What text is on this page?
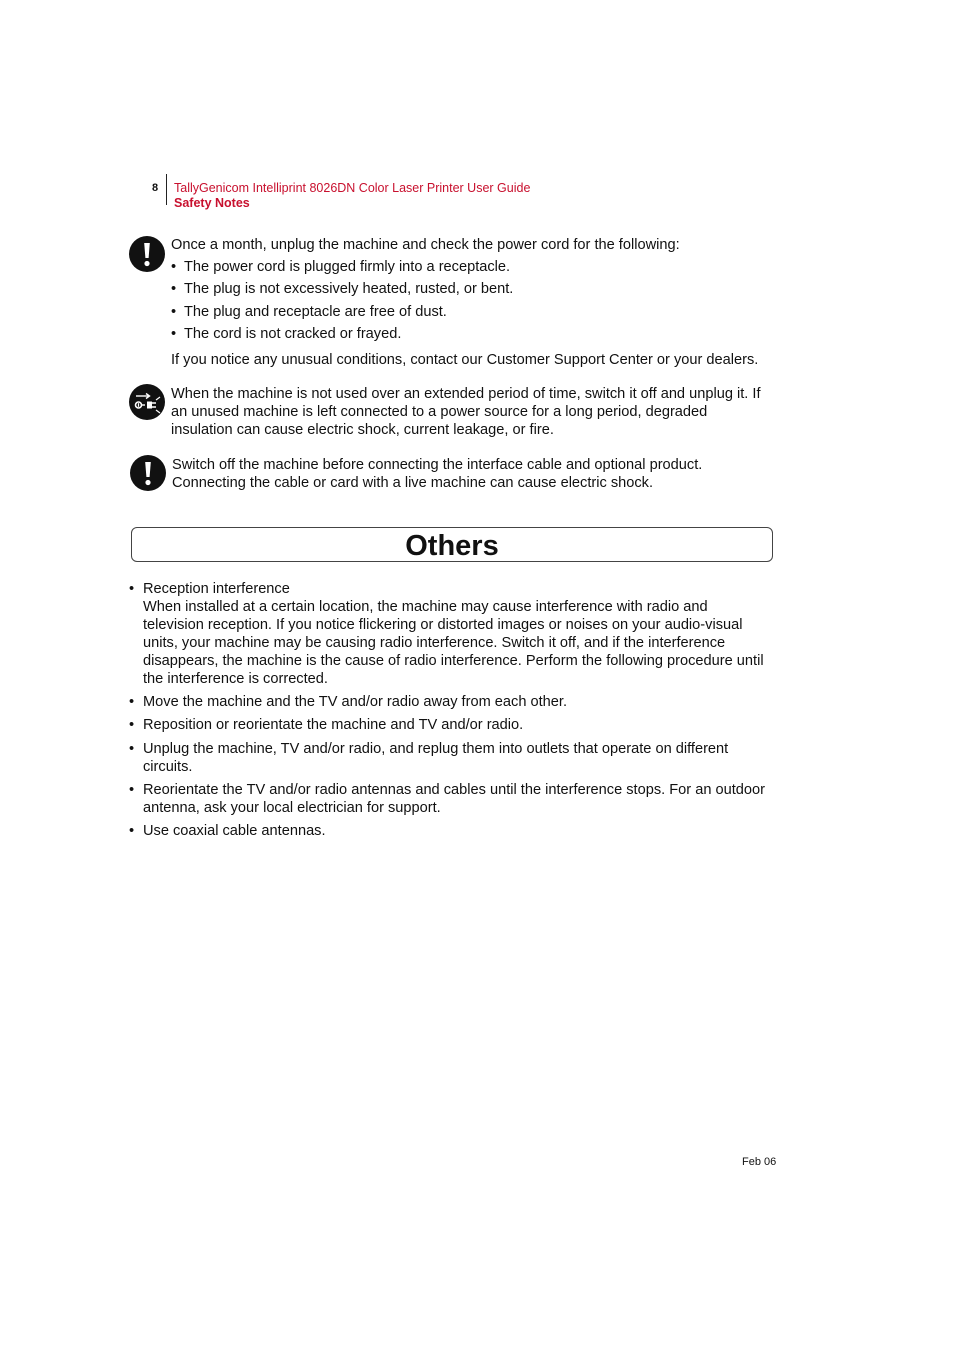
8 TallyGenicom Intelliprint 8026DN Color Laser Printer User Guide
Safety Notes
Once a month, unplug the machine and check the power cord for the following:
• The power cord is plugged firmly into a receptacle.
• The plug is not excessively heated, rusted, or bent.
• The plug and receptacle are free of dust.
• The cord is not cracked or frayed.
If you notice any unusual conditions, contact our Customer Support Center or your dealers.
When the machine is not used over an extended period of time, switch it off and unplug it. If
an unused machine is left connected to a power source for a long period, degraded
insulation can cause electric shock, current leakage, or fire.
Switch off the machine before connecting the interface cable and optional product.
Connecting the cable or card with a live machine can cause electric shock.
Others
• Reception interference
When installed at a certain location, the machine may cause interference with radio and
television reception. If you notice flickering or distorted images or noises on your audio-visual
units, your machine may be causing radio interference. Switch it off, and if the interference
disappears, the machine is the cause of radio interference. Perform the following procedure until
the interference is corrected.
• Move the machine and the TV and/or radio away from each other.
• Reposition or reorientate the machine and TV and/or radio.
• Unplug the machine, TV and/or radio, and replug them into outlets that operate on different
circuits.
• Reorientate the TV and/or radio antennas and cables until the interference stops. For an outdoor
antenna, ask your local electrician for support.
• Use coaxial cable antennas.
Feb 06
